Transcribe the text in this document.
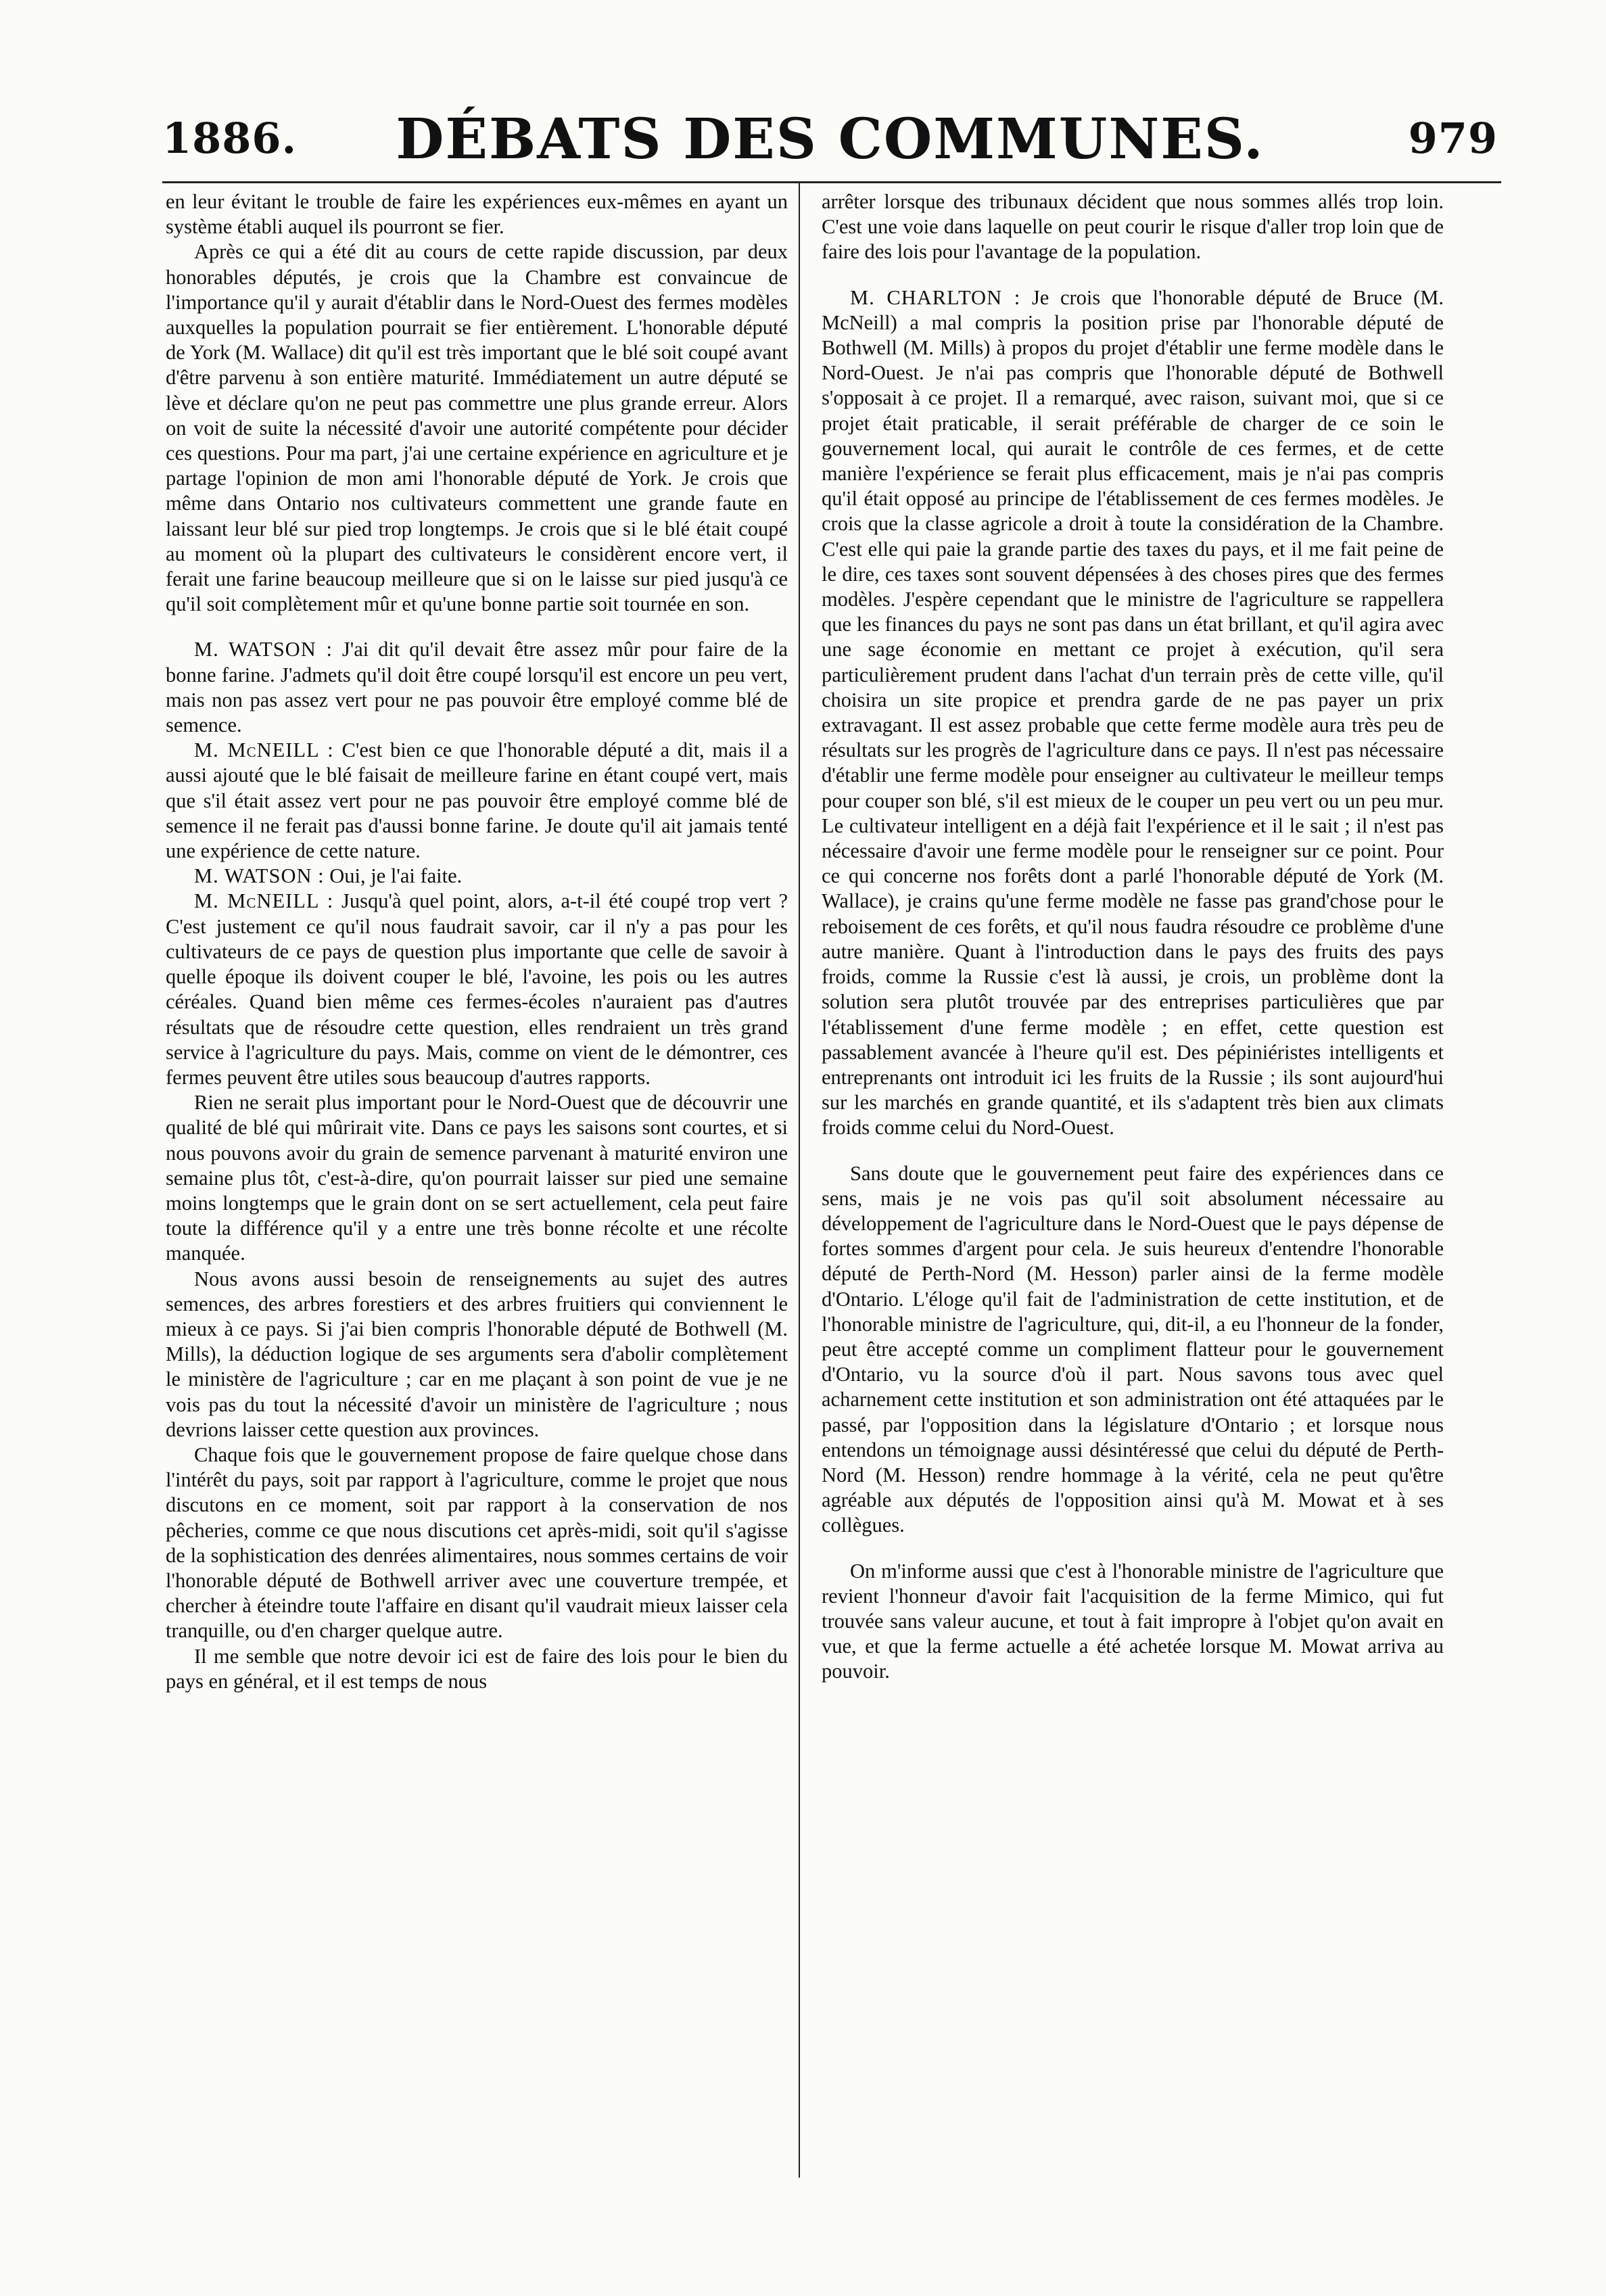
1886.	DÉBATS DES COMMUNES.	979

en leur évitant le trouble de faire les expériences eux-mêmes en ayant un système établi auquel ils pourront se fier.

Après ce qui a été dit au cours de cette rapide discussion, par deux honorables députés, je crois que la Chambre est convaincue de l'importance qu'il y aurait d'établir dans le Nord-Ouest des fermes modèles auxquelles la population pourrait se fier entièrement. L'honorable député de York (M. Wallace) dit qu'il est très important que le blé soit coupé avant d'être parvenu à son entière maturité. Immédiatement un autre député se lève et déclare qu'on ne peut pas commettre une plus grande erreur. Alors on voit de suite la nécessité d'avoir une autorité compétente pour décider ces questions. Pour ma part, j'ai une certaine expérience en agriculture et je partage l'opinion de mon ami l'honorable député de York. Je crois que même dans Ontario nos cultivateurs commettent une grande faute en laissant leur blé sur pied trop longtemps. Je crois que si le blé était coupé au moment où la plupart des cultivateurs le considèrent encore vert, il ferait une farine beaucoup meilleure que si on le laisse sur pied jusqu'à ce qu'il soit complètement mûr et qu'une bonne partie soit tournée en son.

M. WATSON : J'ai dit qu'il devait être assez mûr pour faire de la bonne farine. J'admets qu'il doit être coupé lorsqu'il est encore un peu vert, mais non pas assez vert pour ne pas pouvoir être employé comme blé de semence.

M. McNEILL : C'est bien ce que l'honorable député a dit, mais il a aussi ajouté que le blé faisait de meilleure farine en étant coupé vert, mais que s'il était assez vert pour ne pas pouvoir être employé comme blé de semence il ne ferait pas d'aussi bonne farine. Je doute qu'il ait jamais tenté une expérience de cette nature.

M. WATSON : Oui, je l'ai faite.

M. McNEILL : Jusqu'à quel point, alors, a-t-il été coupé trop vert ? C'est justement ce qu'il nous faudrait savoir, car il n'y a pas pour les cultivateurs de ce pays de question plus importante que celle de savoir à quelle époque ils doivent couper le blé, l'avoine, les pois ou les autres céréales. Quand bien même ces fermes-écoles n'auraient pas d'autres résultats que de résoudre cette question, elles rendraient un très grand service à l'agriculture du pays. Mais, comme on vient de le démontrer, ces fermes peuvent être utiles sous beaucoup d'autres rapports.

Rien ne serait plus important pour le Nord-Ouest que de découvrir une qualité de blé qui mûrirait vite. Dans ce pays les saisons sont courtes, et si nous pouvons avoir du grain de semence parvenant à maturité environ une semaine plus tôt, c'est-à-dire, qu'on pourrait laisser sur pied une semaine moins longtemps que le grain dont on se sert actuellement, cela peut faire toute la différence qu'il y a entre une très bonne récolte et une récolte manquée.

Nous avons aussi besoin de renseignements au sujet des autres semences, des arbres forestiers et des arbres fruitiers qui conviennent le mieux à ce pays. Si j'ai bien compris l'honorable député de Bothwell (M. Mills), la déduction logique de ses arguments sera d'abolir complètement le ministère de l'agriculture ; car en me plaçant à son point de vue je ne vois pas du tout la nécessité d'avoir un ministère de l'agriculture ; nous devrions laisser cette question aux provinces.

Chaque fois que le gouvernement propose de faire quelque chose dans l'intérêt du pays, soit par rapport à l'agriculture, comme le projet que nous discutons en ce moment, soit par rapport à la conservation de nos pêcheries, comme ce que nous discutions cet après-midi, soit qu'il s'agisse de la sophistication des denrées alimentaires, nous sommes certains de voir l'honorable député de Bothwell arriver avec une couverture trempée, et chercher à éteindre toute l'affaire en disant qu'il vaudrait mieux laisser cela tranquille, ou d'en charger quelque autre.

Il me semble que notre devoir ici est de faire des lois pour le bien du pays en général, et il est temps de nous

arrêter lorsque des tribunaux décident que nous sommes allés trop loin. C'est une voie dans laquelle on peut courir le risque d'aller trop loin que de faire des lois pour l'avantage de la population.

M. CHARLTON : Je crois que l'honorable député de Bruce (M. McNeill) a mal compris la position prise par l'honorable député de Bothwell (M. Mills) à propos du projet d'établir une ferme modèle dans le Nord-Ouest. Je n'ai pas compris que l'honorable député de Bothwell s'opposait à ce projet. Il a remarqué, avec raison, suivant moi, que si ce projet était praticable, il serait préférable de charger de ce soin le gouvernement local, qui aurait le contrôle de ces fermes, et de cette manière l'expérience se ferait plus efficacement, mais je n'ai pas compris qu'il était opposé au principe de l'établissement de ces fermes modèles. Je crois que la classe agricole a droit à toute la considération de la Chambre. C'est elle qui paie la grande partie des taxes du pays, et il me fait peine de le dire, ces taxes sont souvent dépensées à des choses pires que des fermes modèles. J'espère cependant que le ministre de l'agriculture se rappellera que les finances du pays ne sont pas dans un état brillant, et qu'il agira avec une sage économie en mettant ce projet à exécution, qu'il sera particulièrement prudent dans l'achat d'un terrain près de cette ville, qu'il choisira un site propice et prendra garde de ne pas payer un prix extravagant. Il est assez probable que cette ferme modèle aura très peu de résultats sur les progrès de l'agriculture dans ce pays. Il n'est pas nécessaire d'établir une ferme modèle pour enseigner au cultivateur le meilleur temps pour couper son blé, s'il est mieux de le couper un peu vert ou un peu mur. Le cultivateur intelligent en a déjà fait l'expérience et il le sait ; il n'est pas nécessaire d'avoir une ferme modèle pour le renseigner sur ce point. Pour ce qui concerne nos forêts dont a parlé l'honorable député de York (M. Wallace), je crains qu'une ferme modèle ne fasse pas grand'chose pour le reboisement de ces forêts, et qu'il nous faudra résoudre ce problème d'une autre manière. Quant à l'introduction dans le pays des fruits des pays froids, comme la Russie c'est là aussi, je crois, un problème dont la solution sera plutôt trouvée par des entreprises particulières que par l'établissement d'une ferme modèle ; en effet, cette question est passablement avancée à l'heure qu'il est. Des pépiniéristes intelligents et entreprenants ont introduit ici les fruits de la Russie ; ils sont aujourd'hui sur les marchés en grande quantité, et ils s'adaptent très bien aux climats froids comme celui du Nord-Ouest.

Sans doute que le gouvernement peut faire des expériences dans ce sens, mais je ne vois pas qu'il soit absolument nécessaire au développement de l'agriculture dans le Nord-Ouest que le pays dépense de fortes sommes d'argent pour cela. Je suis heureux d'entendre l'honorable député de Perth-Nord (M. Hesson) parler ainsi de la ferme modèle d'Ontario. L'éloge qu'il fait de l'administration de cette institution, et de l'honorable ministre de l'agriculture, qui, dit-il, a eu l'honneur de la fonder, peut être accepté comme un compliment flatteur pour le gouvernement d'Ontario, vu la source d'où il part. Nous savons tous avec quel acharnement cette institution et son administration ont été attaquées par le passé, par l'opposition dans la législature d'Ontario ; et lorsque nous entendons un témoignage aussi désintéressé que celui du député de Perth-Nord (M. Hesson) rendre hommage à la vérité, cela ne peut qu'être agréable aux députés de l'opposition ainsi qu'à M. Mowat et à ses collègues.

On m'informe aussi que c'est à l'honorable ministre de l'agriculture que revient l'honneur d'avoir fait l'acquisition de la ferme Mimico, qui fut trouvée sans valeur aucune, et tout à fait impropre à l'objet qu'on avait en vue, et que la ferme actuelle a été achetée lorsque M. Mowat arriva au pouvoir.
